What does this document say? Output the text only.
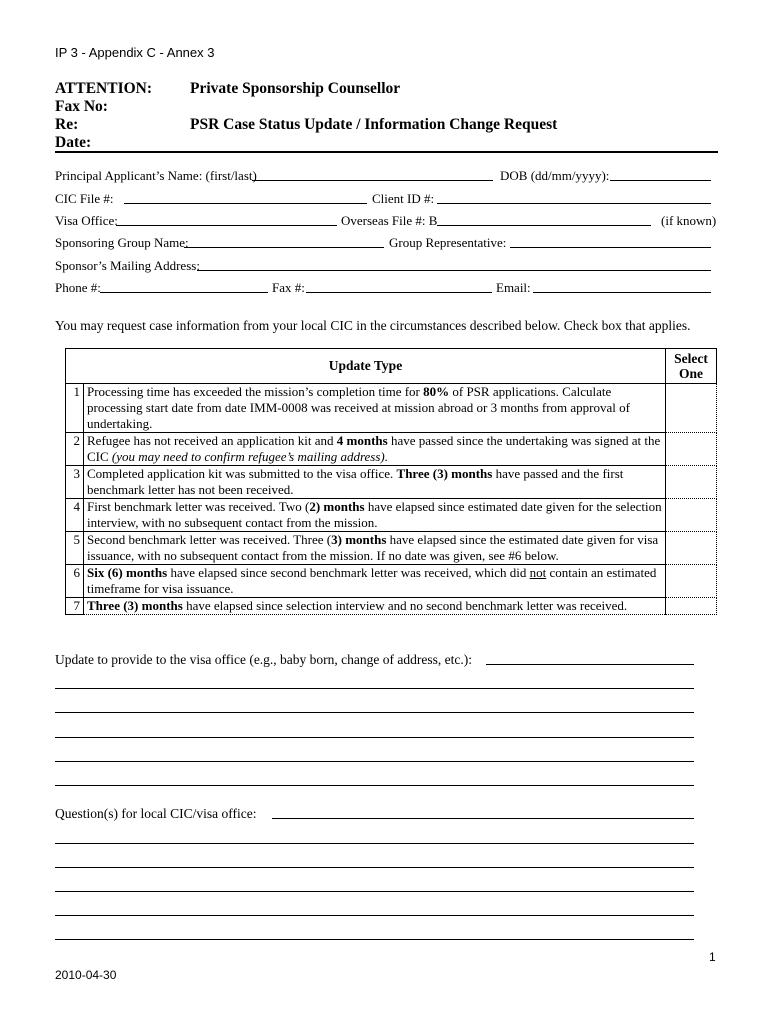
IP 3 - Appendix C - Annex 3
ATTENTION: Private Sponsorship Counsellor
Fax No:
Re:	PSR Case Status Update / Information Change Request
Date:
Principal Applicant’s Name: (first/last)	DOB (dd/mm/yyyy):
CIC File #:	Client ID #:
Visa Office:	Overseas File #: B	(if known)
Sponsoring Group Name:	Group Representative:
Sponsor’s Mailing Address:
Phone #:	Fax #:	Email:
You may request case information from your local CIC in the circumstances described below. Check box that applies.
Update Type		Select
One
1	Processing time has exceeded the mission’s completion time for 80% of PSR applications. Calculate processing start date from date IMM-0008 was received at mission abroad or 3 months from approval of undertaking.	
2	Refugee has not received an application kit and 4 months have passed since the undertaking was signed at the CIC (you may need to confirm refugee’s mailing address).	
3	Completed application kit was submitted to the visa office. Three (3) months have passed and the first benchmark letter has not been received.	
4	First benchmark letter was received. Two (2) months have elapsed since estimated date given for the selection interview, with no subsequent contact from the mission.	
5	Second benchmark letter was received. Three (3) months have elapsed since the estimated date given for visa issuance, with no subsequent contact from the mission. If no date was given, see #6 below.	
6	Six (6) months have elapsed since second benchmark letter was received, which did not contain an estimated timeframe for visa issuance.	
7	Three (3) months have elapsed since selection interview and no second benchmark letter was received.	
Update to provide to the visa office (e.g., baby born, change of address, etc.):
Question(s) for local CIC/visa office:
1
2010-04-30
